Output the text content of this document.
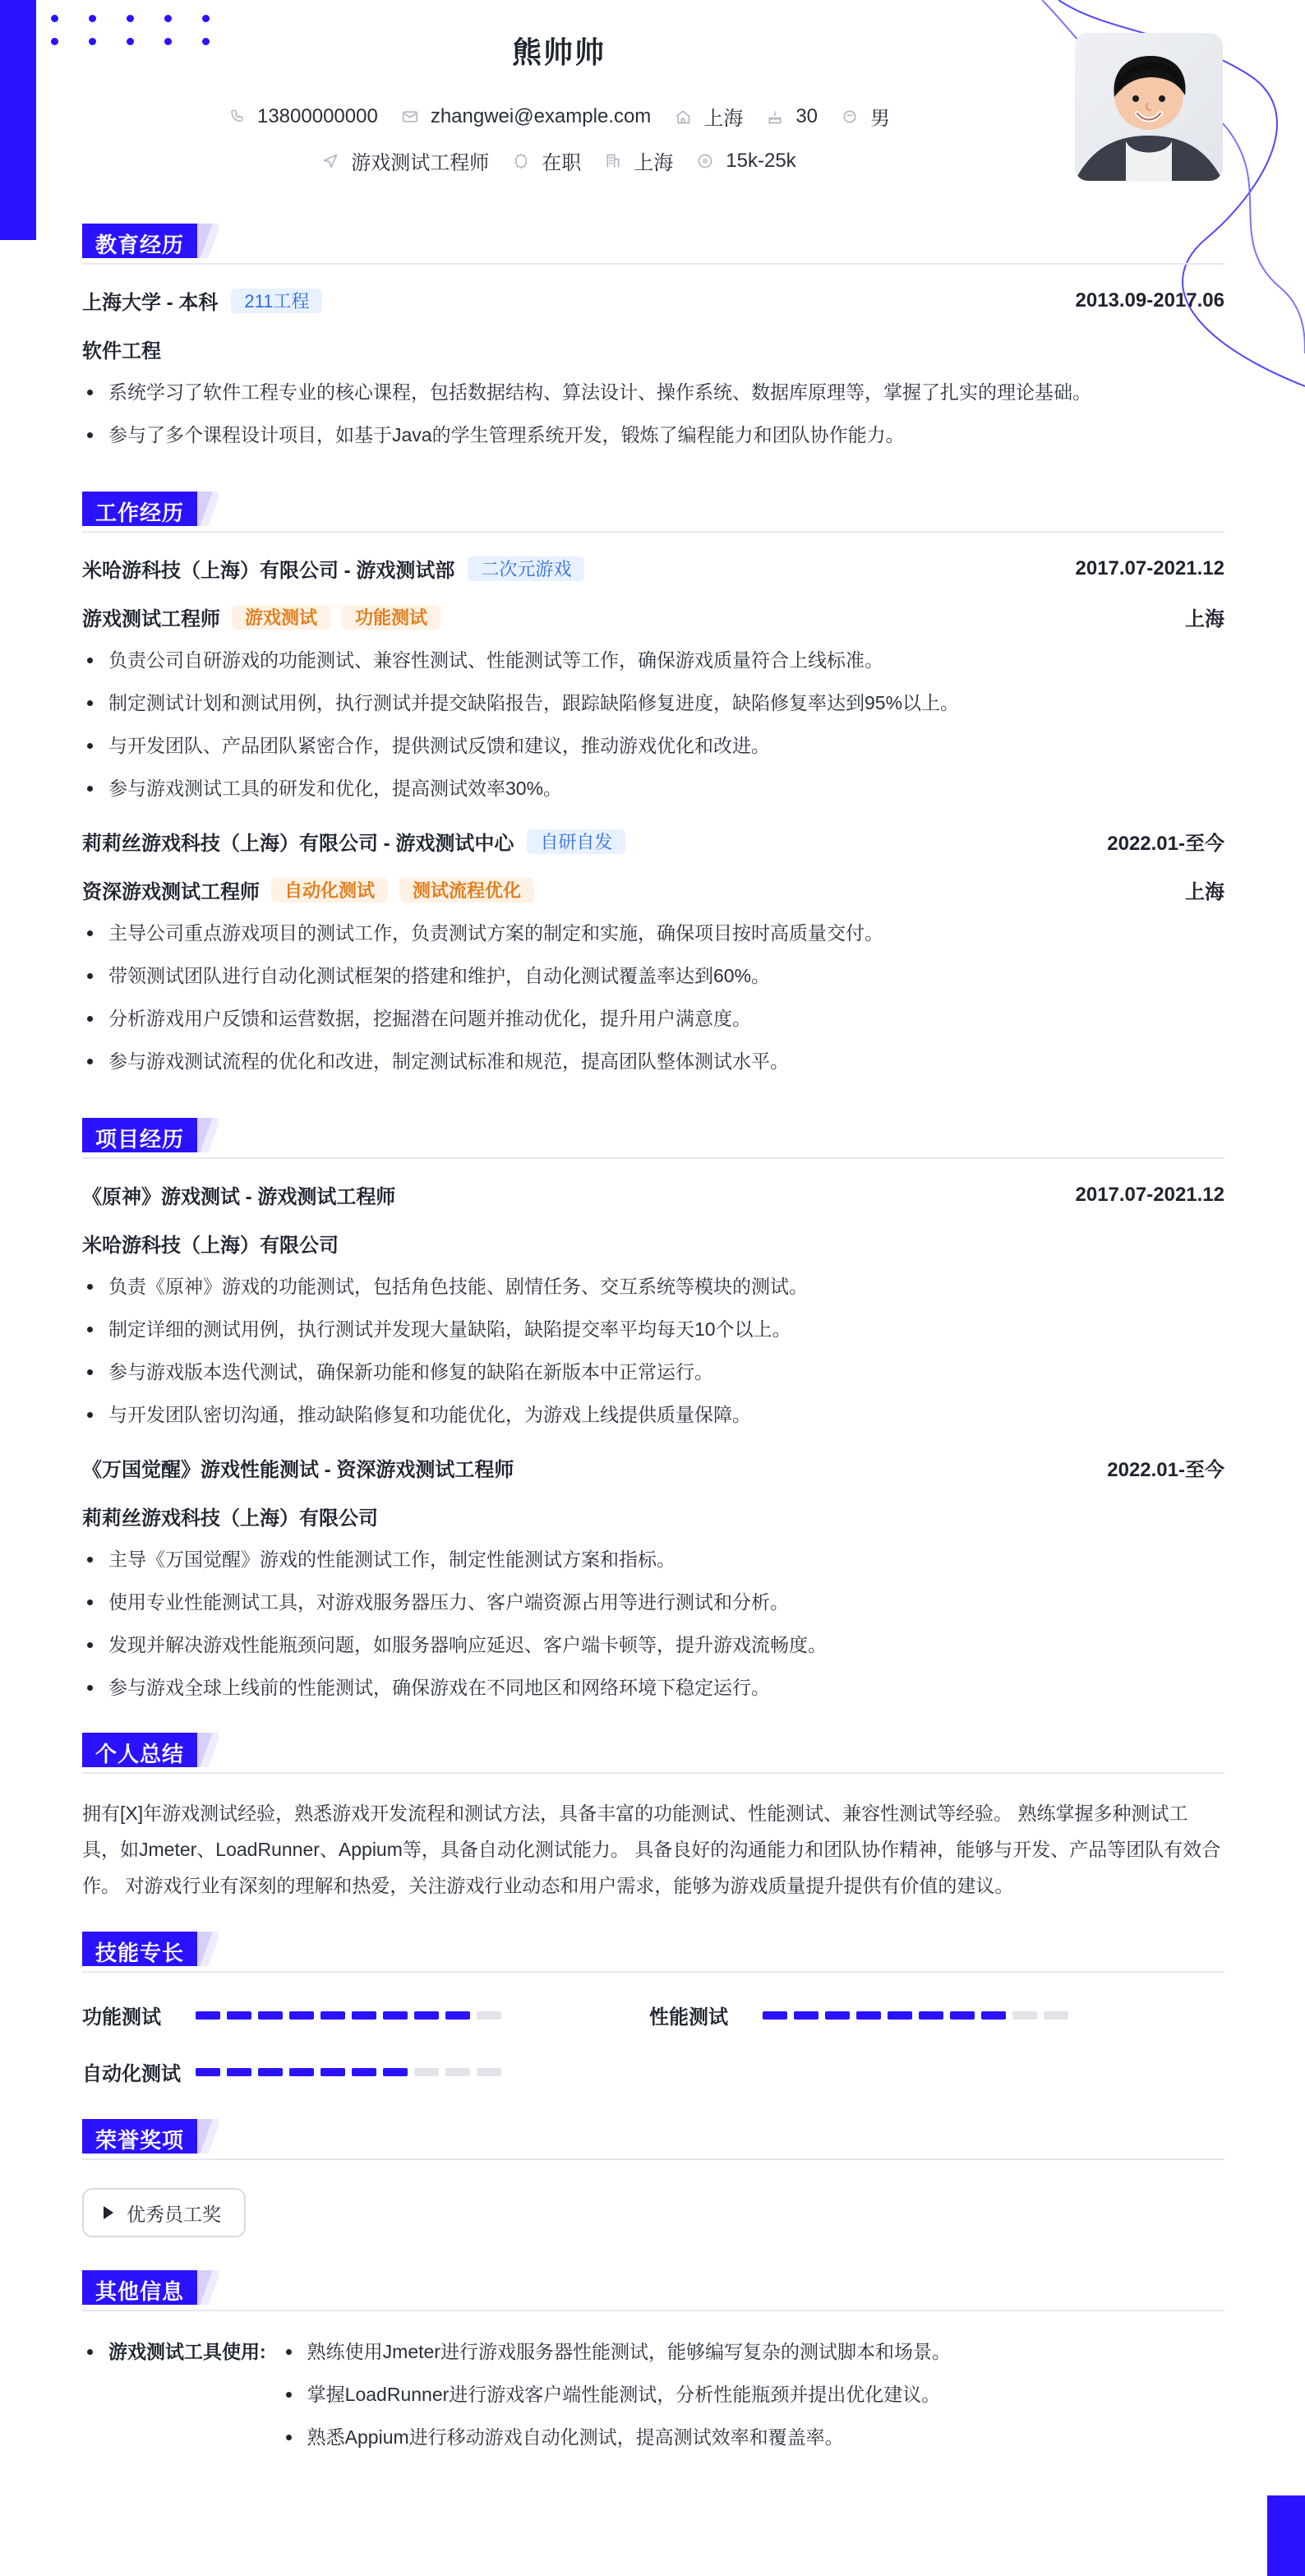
熊帅帅
13800000000	zhangwei@example.com	上海	30	男
游戏测试工程师	在职	上海	15k-25k
教育经历
上海大学 - 本科	211工程	2013.09-2017.06
软件工程
系统学习了软件工程专业的核心课程，包括数据结构、算法设计、操作系统、数据库原理等，掌握了扎实的理论基础。
参与了多个课程设计项目，如基于Java的学生管理系统开发，锻炼了编程能力和团队协作能力。
工作经历
米哈游科技（上海）有限公司 - 游戏测试部	二次元游戏	2017.07-2021.12
游戏测试工程师	游戏测试	功能测试	上海
负责公司自研游戏的功能测试、兼容性测试、性能测试等工作，确保游戏质量符合上线标准。
制定测试计划和测试用例，执行测试并提交缺陷报告，跟踪缺陷修复进度，缺陷修复率达到95%以上。
与开发团队、产品团队紧密合作，提供测试反馈和建议，推动游戏优化和改进。
参与游戏测试工具的研发和优化，提高测试效率30%。
莉莉丝游戏科技（上海）有限公司 - 游戏测试中心	自研自发	2022.01-至今
资深游戏测试工程师	自动化测试	测试流程优化	上海
主导公司重点游戏项目的测试工作，负责测试方案的制定和实施，确保项目按时高质量交付。
带领测试团队进行自动化测试框架的搭建和维护，自动化测试覆盖率达到60%。
分析游戏用户反馈和运营数据，挖掘潜在问题并推动优化，提升用户满意度。
参与游戏测试流程的优化和改进，制定测试标准和规范，提高团队整体测试水平。
项目经历
《原神》游戏测试 - 游戏测试工程师	2017.07-2021.12
米哈游科技（上海）有限公司
负责《原神》游戏的功能测试，包括角色技能、剧情任务、交互系统等模块的测试。
制定详细的测试用例，执行测试并发现大量缺陷，缺陷提交率平均每天10个以上。
参与游戏版本迭代测试，确保新功能和修复的缺陷在新版本中正常运行。
与开发团队密切沟通，推动缺陷修复和功能优化，为游戏上线提供质量保障。
《万国觉醒》游戏性能测试 - 资深游戏测试工程师	2022.01-至今
莉莉丝游戏科技（上海）有限公司
主导《万国觉醒》游戏的性能测试工作，制定性能测试方案和指标。
使用专业性能测试工具，对游戏服务器压力、客户端资源占用等进行测试和分析。
发现并解决游戏性能瓶颈问题，如服务器响应延迟、客户端卡顿等，提升游戏流畅度。
参与游戏全球上线前的性能测试，确保游戏在不同地区和网络环境下稳定运行。
个人总结
拥有[X]年游戏测试经验，熟悉游戏开发流程和测试方法，具备丰富的功能测试、性能测试、兼容性测试等经验。 熟练掌握多种测试工具，如Jmeter、LoadRunner、Appium等，具备自动化测试能力。 具备良好的沟通能力和团队协作精神，能够与开发、产品等团队有效合作。 对游戏行业有深刻的理解和热爱，关注游戏行业动态和用户需求，能够为游戏质量提升提供有价值的建议。
技能专长
功能测试	性能测试
自动化测试
荣誉奖项
优秀员工奖
其他信息
游戏测试工具使用:	熟练使用Jmeter进行游戏服务器性能测试，能够编写复杂的测试脚本和场景。
掌握LoadRunner进行游戏客户端性能测试，分析性能瓶颈并提出优化建议。
熟悉Appium进行移动游戏自动化测试，提高测试效率和覆盖率。
